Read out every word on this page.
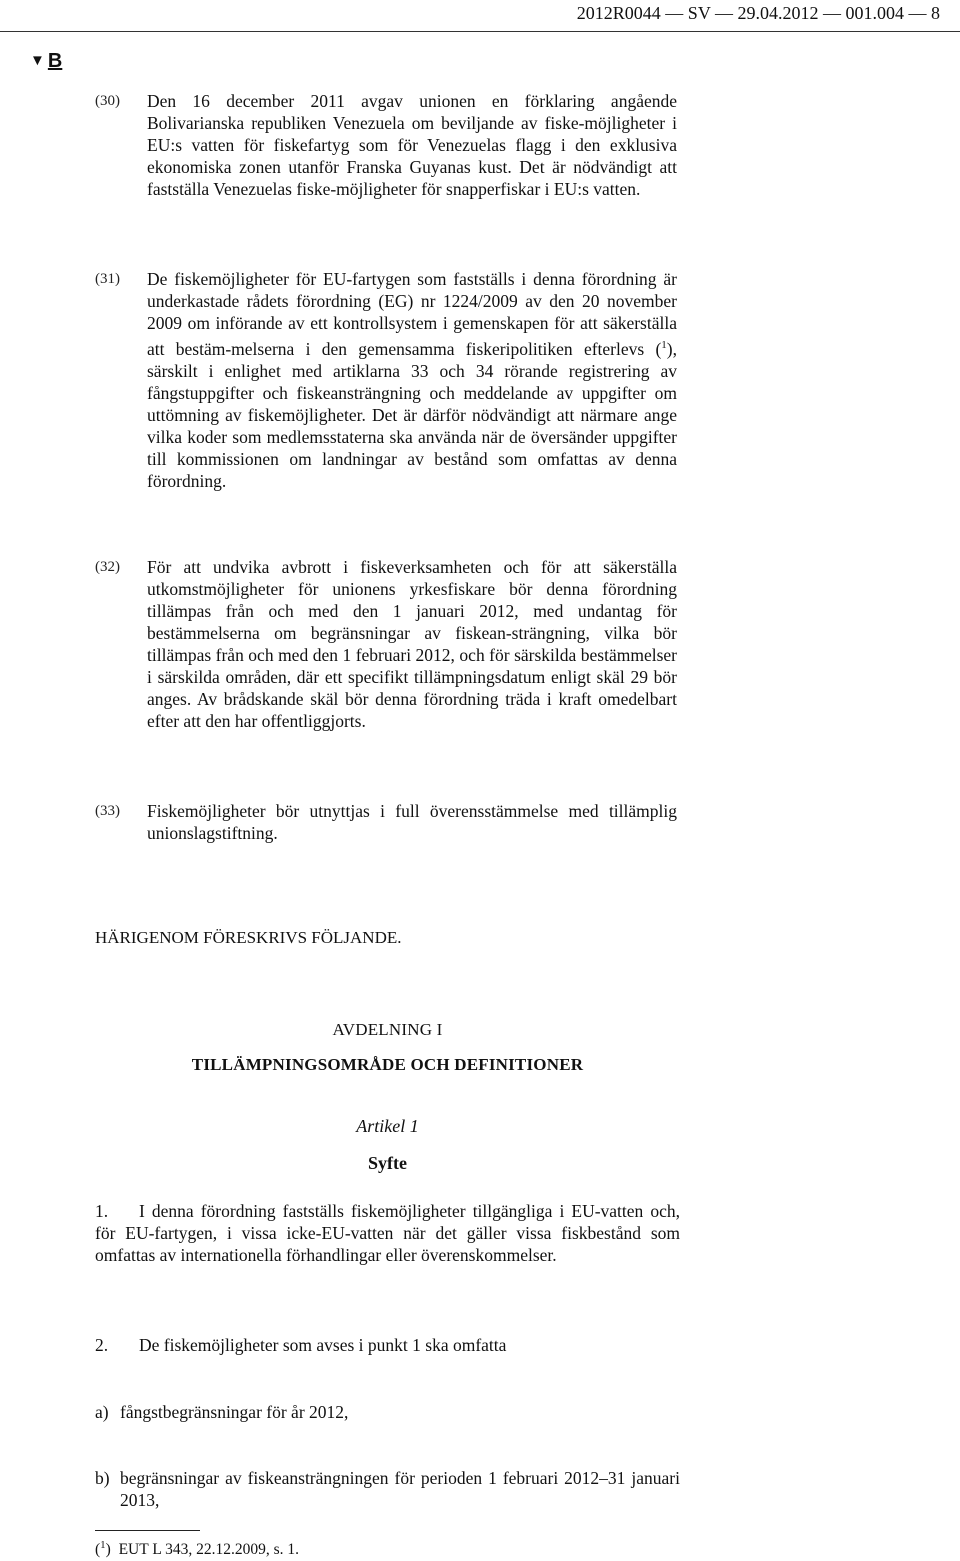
2012R0044 — SV — 29.04.2012 — 001.004 — 8
▼ B
(30) Den 16 december 2011 avgav unionen en förklaring angående Bolivarianska republiken Venezuela om beviljande av fiske-möjligheter i EU:s vatten för fiskefartyg som för Venezuelas flagg i den exklusiva ekonomiska zonen utanför Franska Guyanas kust. Det är nödvändigt att fastställa Venezuelas fiske-möjligheter för snapperfiskar i EU:s vatten.
(31) De fiskemöjligheter för EU-fartygen som fastställs i denna förordning är underkastade rådets förordning (EG) nr 1224/2009 av den 20 november 2009 om införande av ett kontrollsystem i gemenskapen för att säkerställa att bestäm-melserna i den gemensamma fiskeripolitiken efterlevs ($^1$), särskilt i enlighet med artiklarna 33 och 34 rörande registrering av fångstuppgifter och fiskeansträngning och meddelande av uppgifter om uttömning av fiskemöjligheter. Det är därför nödvändigt att närmare ange vilka koder som medlemsstaterna ska använda när de översänder uppgifter till kommissionen om landningar av bestånd som omfattas av denna förordning.
(32) För att undvika avbrott i fiskeverksamheten och för att säkerställa utkomstmöjligheter för unionens yrkesfiskare bör denna förordning tillämpas från och med den 1 januari 2012, med undantag för bestämmelserna om begränsningar av fiskean-strängning, vilka bör tillämpas från och med den 1 februari 2012, och för särskilda bestämmelser i särskilda områden, där ett specifikt tillämpningsdatum enligt skäl 29 bör anges. Av brådskande skäl bör denna förordning träda i kraft omedelbart efter att den har offentliggjorts.
(33) Fiskemöjligheter bör utnyttjas i full överensstämmelse med tillämplig unionslagstiftning.
HÄRIGENOM FÖRESKRIVS FÖLJANDE.
AVDELNING I
TILLÄMPNINGSOMRÅDE OCH DEFINITIONER
Artikel 1
Syfte
1. I denna förordning fastställs fiskemöjligheter tillgängliga i EU-vatten och, för EU-fartygen, i vissa icke-EU-vatten när det gäller vissa fiskbestånd som omfattas av internationella förhandlingar eller överenskommelser.
2. De fiskemöjligheter som avses i punkt 1 ska omfatta
a) fångstbegränsningar för år 2012,
b) begränsningar av fiskeansträngningen för perioden 1 februari 2012–31 januari 2013,
($^1$)  EUT L 343, 22.12.2009, s. 1.
